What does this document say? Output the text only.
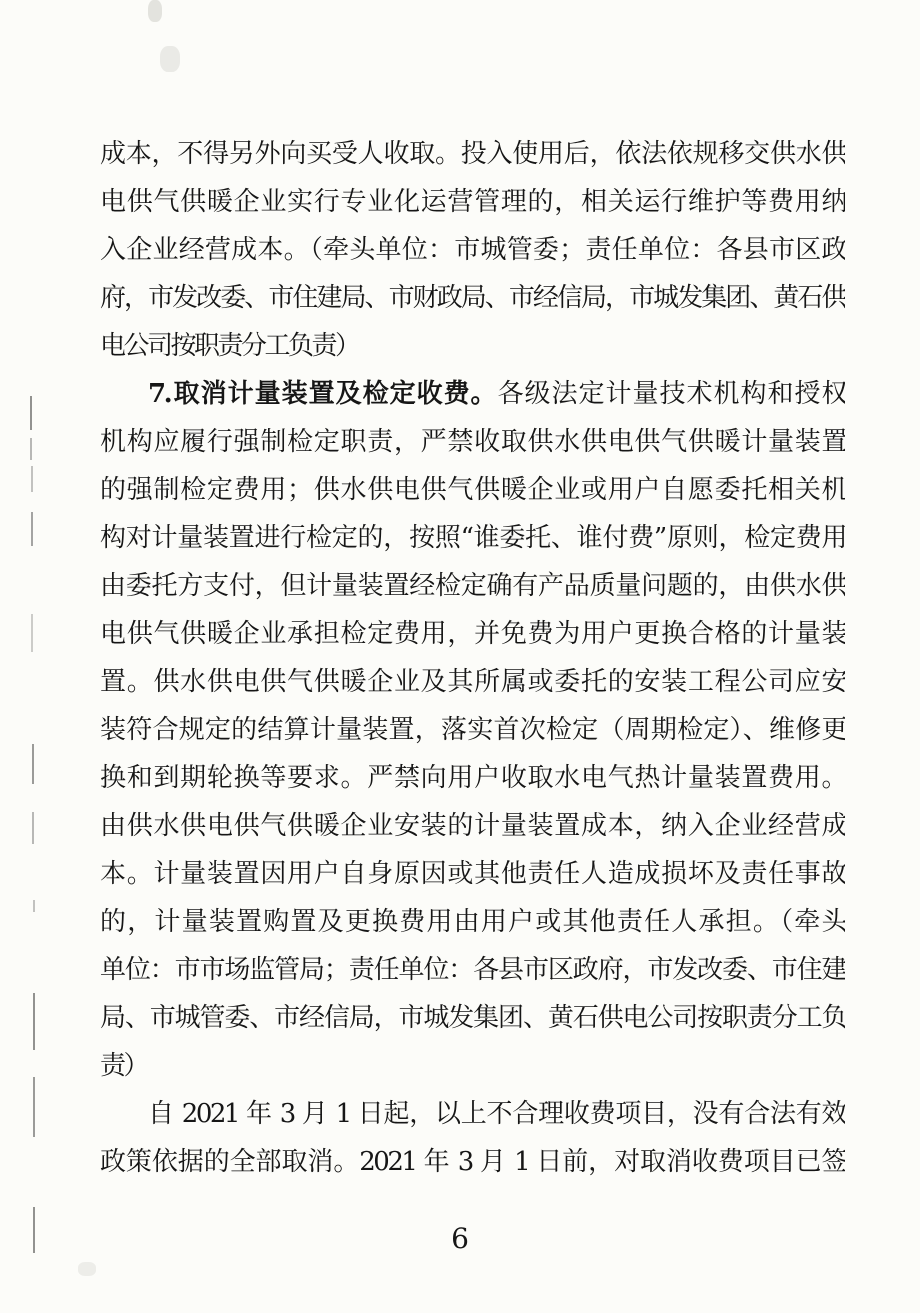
成本，不得另外向买受人收取。投入使用后，依法依规移交供水供
电供气供暖企业实行专业化运营管理的，相关运行维护等费用纳
入企业经营成本。（牵头单位：市城管委；责任单位：各县市区政
府，市发改委、市住建局、市财政局、市经信局，市城发集团、黄石供
电公司按职责分工负责）
7.取消计量装置及检定收费。各级法定计量技术机构和授权
机构应履行强制检定职责，严禁收取供水供电供气供暖计量装置
的强制检定费用；供水供电供气供暖企业或用户自愿委托相关机
构对计量装置进行检定的，按照“谁委托、谁付费”原则，检定费用
由委托方支付，但计量装置经检定确有产品质量问题的，由供水供
电供气供暖企业承担检定费用，并免费为用户更换合格的计量装
置。供水供电供气供暖企业及其所属或委托的安装工程公司应安
装符合规定的结算计量装置，落实首次检定（周期检定）、维修更
换和到期轮换等要求。严禁向用户收取水电气热计量装置费用。
由供水供电供气供暖企业安装的计量装置成本，纳入企业经营成
本。计量装置因用户自身原因或其他责任人造成损坏及责任事故
的，计量装置购置及更换费用由用户或其他责任人承担。（牵头
单位：市市场监管局；责任单位：各县市区政府，市发改委、市住建
局、市城管委、市经信局，市城发集团、黄石供电公司按职责分工负
责）
自 2021 年 3 月 1 日起，以上不合理收费项目，没有合法有效
政策依据的全部取消。2021 年 3 月 1 日前，对取消收费项目已签
6
